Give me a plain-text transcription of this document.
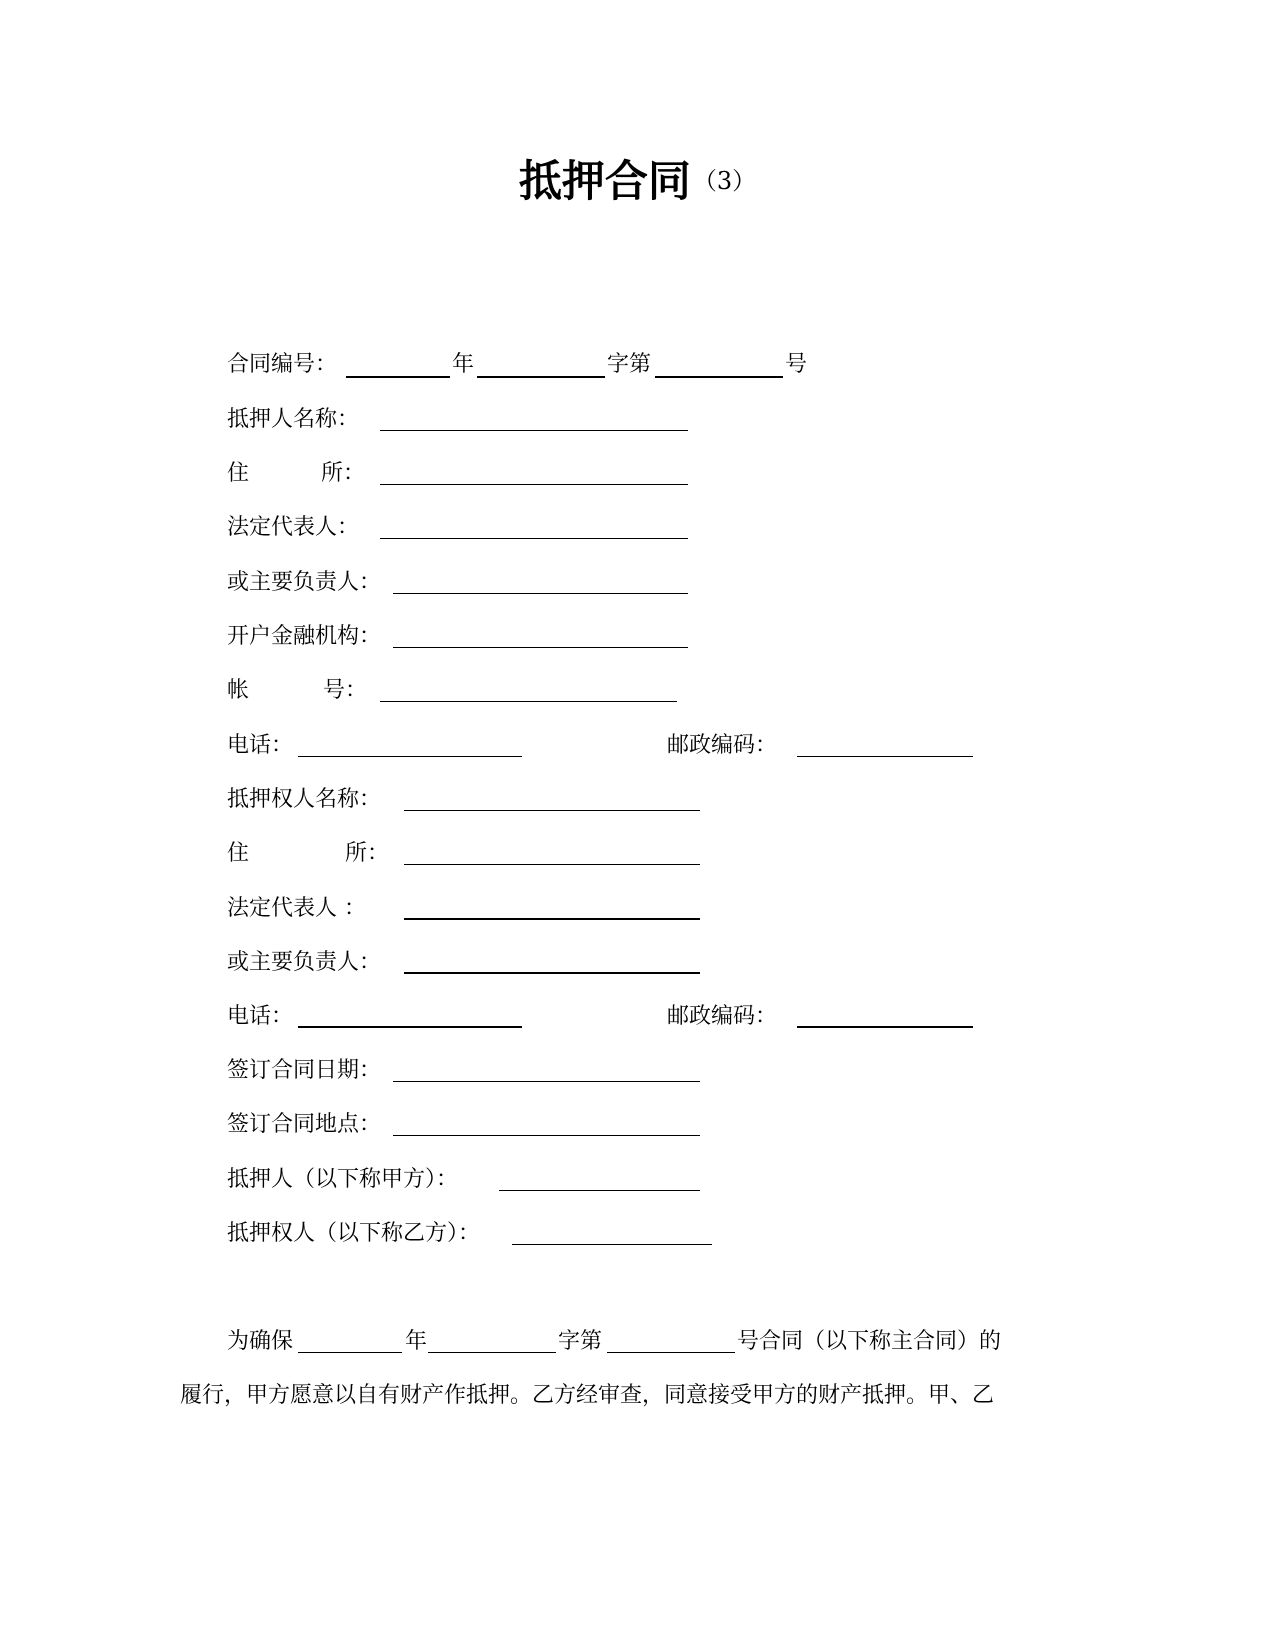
抵押合同（3）
合同编号：	年	字第	号
抵押人名称：
住	所：
法定代表人：
或主要负责人：
开户金融机构：
帐	号：
电话：	邮政编码：
抵押权人名称：
住	所：
法定代表人 ：
或主要负责人：
电话：	邮政编码：
签订合同日期：
签订合同地点：
抵押人（以下称甲方）：
抵押权人（以下称乙方）：
为确保	年	字第	号合同（以下称主合同）的
履行，甲方愿意以自有财产作抵押。乙方经审查，同意接受甲方的财产抵押。甲、乙
